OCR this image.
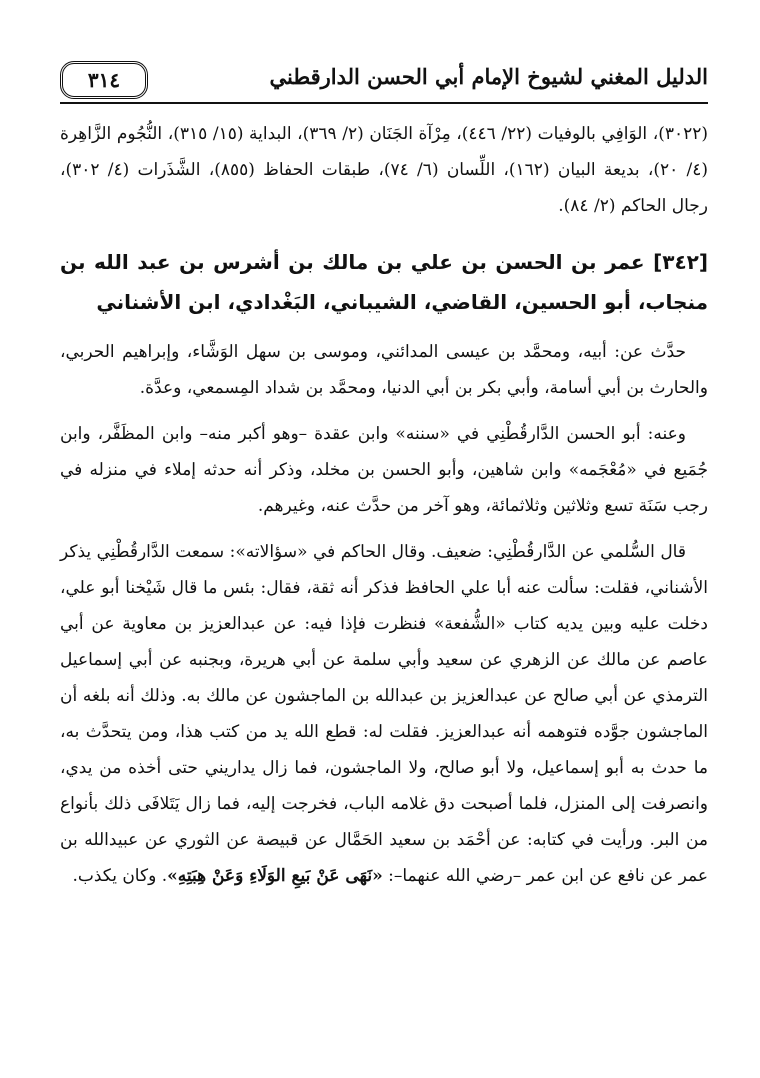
الدليل المغني لشيوخ الإمام أبي الحسن الدارقطني
٣١٤

(٣٠٢٢)، الوَافِي بالوفيات (٢٢/ ٤٤٦)، مِرْآة الجَنَان (٢/ ٣٦٩)، البداية (١٥/ ٣١٥)، النُّجُوم الزَّاهِرة (٤/ ٢٠)، بديعة البيان (١٦٢)، اللِّسان (٦/ ٧٤)، طبقات الحفاظ (٨٥٥)، الشَّذَرات (٤/ ٣٠٢)، رجال الحاكم (٢/ ٨٤).

[٣٤٢] عمر بن الحسن بن علي بن مالك بن أشرس بن عبد الله بن منجاب، أبو الحسين، القاضي، الشيباني، البَغْدادي، ابن الأشناني

حدَّث عن: أبيه، ومحمَّد بن عيسى المدائني، وموسى بن سهل الوَشَّاء، وإبراهيم الحربي، والحارث بن أبي أسامة، وأبي بكر بن أبي الدنيا، ومحمَّد بن شداد المِسمعي، وعدَّة.

وعنه: أبو الحسن الدَّارقُطْنِي في «سننه» وابن عقدة –وهو أكبر منه– وابن المظَفَّر، وابن جُمَيع في «مُعْجَمه» وابن شاهين، وأبو الحسن بن مخلد، وذكر أنه حدثه إملاء في منزله في رجب سَنَة تسع وثلاثين وثلاثمائة، وهو آخر من حدَّث عنه، وغيرهم.

قال السُّلمي عن الدَّارقُطْنِي: ضعيف. وقال الحاكم في «سؤالاته»: سمعت الدَّارقُطْنِي يذكر الأشناني، فقلت: سألت عنه أبا علي الحافظ فذكر أنه ثقة، فقال: بئس ما قال شَيْخنا أبو علي، دخلت عليه وبين يديه كتاب «الشُّفعة» فنظرت فإذا فيه: عن عبدالعزيز بن معاوية عن أبي عاصم عن مالك عن الزهري عن سعيد وأبي سلمة عن أبي هريرة، وبجنبه عن أبي إسماعيل الترمذي عن أبي صالح عن عبدالعزيز بن عبدالله بن الماجشون عن مالك به. وذلك أنه بلغه أن الماجشون جوَّده فتوهمه أنه عبدالعزيز. فقلت له: قطع الله يد من كتب هذا، ومن يتحدَّث به، ما حدث به أبو إسماعيل، ولا أبو صالح، ولا الماجشون، فما زال يداريني حتى أخذه من يدي، وانصرفت إلى المنزل، فلما أصبحت دق غلامه الباب، فخرجت إليه، فما زال يَتَلافَى ذلك بأنواع من البر. ورأيت في كتابه: عن أحْمَد بن سعيد الحَمَّال عن قبيصة عن الثوري عن عبيدالله بن عمر عن نافع عن ابن عمر –رضي الله عنهما–: «نَهَى عَنْ بَيعِ الوَلَاءِ وَعَنْ هِبَتِهِ». وكان يكذب.
